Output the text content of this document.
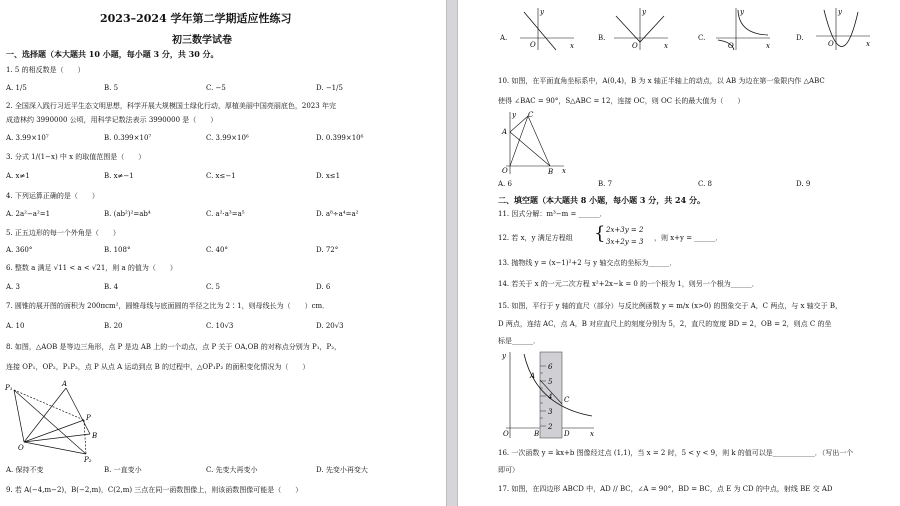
2023–2024 学年第二学期适应性练习
初三数学试卷
一、选择题（本大题共 10 小题，每小题 3 分，共 30 分。
1. 5 的相反数是（　　）
A. 1/5	B. 5	C. −5	D. −1/5
2. 全国深入践行习近平生态文明思想，科学开展大规模国土绿化行动，厚植美丽中国亮丽底色，2023 年完
成造林约 3990000 公顷，用科学记数法表示 3990000 是（　　）
A. 3.99×10⁷	B. 0.399×10⁷	C. 3.99×10⁶	D. 0.399×10⁶
3. 分式 1/(1−x) 中 x 的取值范围是（　　）
A. x≠1	B. x≠−1	C. x≤−1	D. x≤1
4. 下列运算正确的是（　　）
A. 2a²−a²=1	B. (ab²)²=ab⁴	C. a²·a³=a⁵	D. a⁸÷a⁴=a²
5. 正五边形的每一个外角是（　　）
A. 360°	B. 108°	C. 40°	D. 72°
6. 整数 a 满足 √11 < a < √21，则 a 的值为（　　）
A. 3	B. 4	C. 5	D. 6
7. 圆锥的展开图的面积为 200πcm²，圆锥母线与底面圆的半径之比为 2∶1，则母线长为（　　）cm．
A. 10	B. 20	C. 10√3	D. 20√3
8. 如图，△AOB 是等边三角形，点 P 是边 AB 上的一个动点，点 P 关于 OA,OB 的对称点分别为 P₁，P₂，
连接 OP₁，OP₂，P₁P₂，点 P 从点 A 运动到点 B 的过程中，△OP₁P₂ 的面积变化情况为（　　）
P₁	A
P
O
B
P₂
A. 保持不变	B. 一直变小	C. 先变大再变小	D. 先变小再变大
9. 若 A(−4,m−2)，B(−2,m)，C(2,m) 三点在同一函数图像上，则该函数图像可能是（　　）
A.
y
x
O
B.
y
x
O
C.
y
x
O
D.
y
x
O
10. 如图，在平面直角坐标系中，A(0,4)，B 为 x 轴正半轴上的动点，以 AB 为边在第一象限内作 △ABC
使得 ∠BAC = 90°，S△ABC = 12，连接 OC，则 OC 长的最大值为（　　）
C
A
O	B x
y
A. 6	B. 7	C. 8	D. 9
二、填空题（本大题共 8 小题，每小题 3 分，共 24 分。
11. 因式分解：m³−m = ______．
12. 若 x，y 满足方程组 { 2x+3y = 2
3x+2y = 3 ，则 x+y = ______．
13. 抛物线 y = (x−1)²+2 与 y 轴交点的坐标为______．
14. 若关于 x 的一元二次方程 x²+2x−k = 0 的一个根为 1，则另一个根为______．
15. 如图，平行于 y 轴的直尺（部分）与反比例函数 y = m/x (x>0) 的图象交于 A，C 两点，与 x 轴交于 B，
D 两点，连结 AC，点 A，B 对应直尺上的刻度分别为 5，2，直尺的宽度 BD = 2，OB = 2，则点 C 的坐
标是______．
2
3
4
5
6
A
C
O	B	D	x
y
16. 一次函数 y = kx+b 图像经过点 (1,1)，当 x = 2 时，5 < y < 9，则 k 的值可以是____________．（写出一个
即可）
17. 如图，在四边形 ABCD 中，AD // BC，∠A = 90°，BD = BC，点 E 为 CD 的中点，射线 BE 交 AD
